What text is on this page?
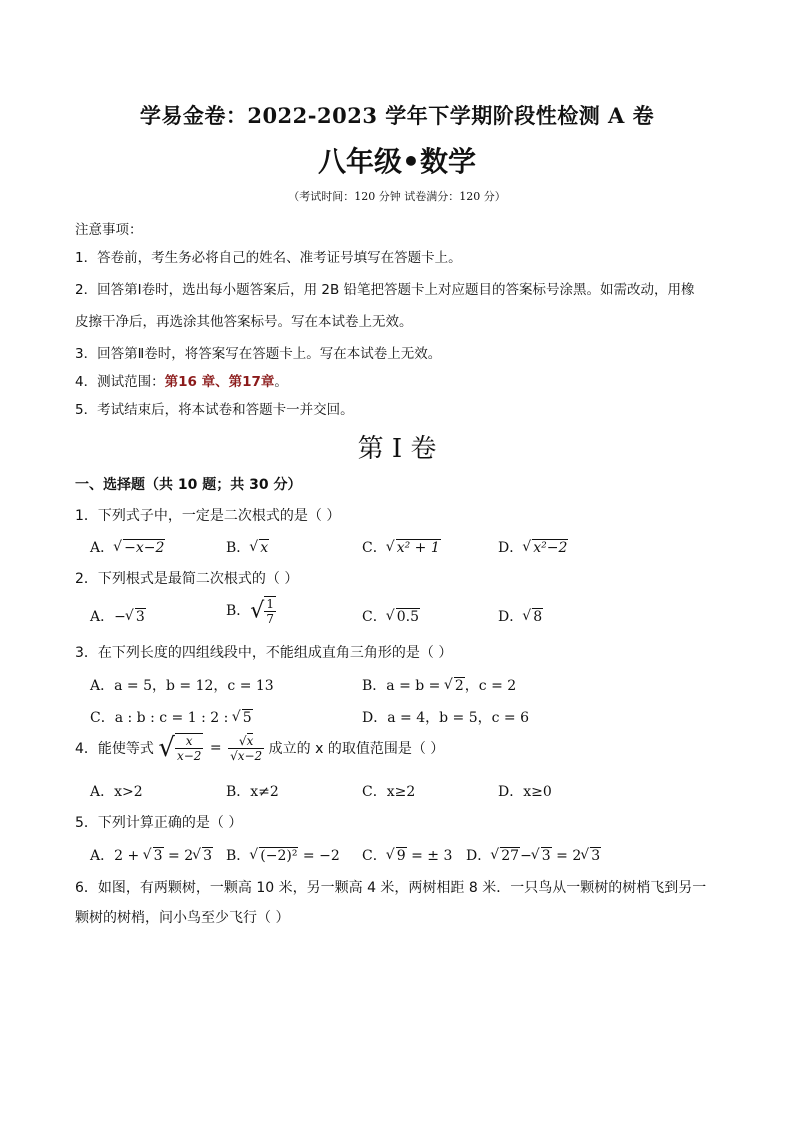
学易金卷：2022-2023 学年下学期阶段性检测 A 卷
八年级•数学
（考试时间：120 分钟 试卷满分：120 分）
注意事项：
1．答卷前，考生务必将自己的姓名、准考证号填写在答题卡上。
2．回答第Ⅰ卷时，选出每小题答案后，用 2B 铅笔把答题卡上对应题目的答案标号涂黑。如需改动，用橡
皮擦干净后，再选涂其他答案标号。写在本试卷上无效。
3．回答第Ⅱ卷时，将答案写在答题卡上。写在本试卷上无效。
4．测试范围：第16 章、第17章。
5．考试结束后，将本试卷和答题卡一并交回。
第 I 卷
一、选择题（共 10 题；共 30 分）
1．下列式子中，一定是二次根式的是（ ）
A． √ −x−2	B． √ x	C． √ x² + 1	D． √ x²−2
2．下列根式是最简二次根式的（ ）
A．− √ 3	B．√ $\frac{1}{7}$	C． √ 0.5	D． √ 8
3．在下列长度的四组线段中，不能组成直角三角形的是（ ）
A．a = 5，b = 12，c = 13	B．a = b = √ 2，c = 2
C．a : b : c = 1 : 2 : √ 5	D．a = 4，b = 5，c = 6
4．能使等式 √ $\frac{x}{x-2} = \frac{√x}{√x-2}$ 成立的 x 的取值范围是（ ）
A．x>2	B．x≠2	C．x≥2	D．x≥0
5．下列计算正确的是（ ）
A．2 + √ 3 = 2 √ 3 B． √ (−2)² = −2 C． √ 9 = ± 3 D． √ 27− √ 3 = 2 √ 3
6．如图，有两颗树，一颗高 10 米，另一颗高 4 米，两树相距 8 米．一只鸟从一颗树的树梢飞到另一
颗树的树梢，问小鸟至少飞行（ ）
